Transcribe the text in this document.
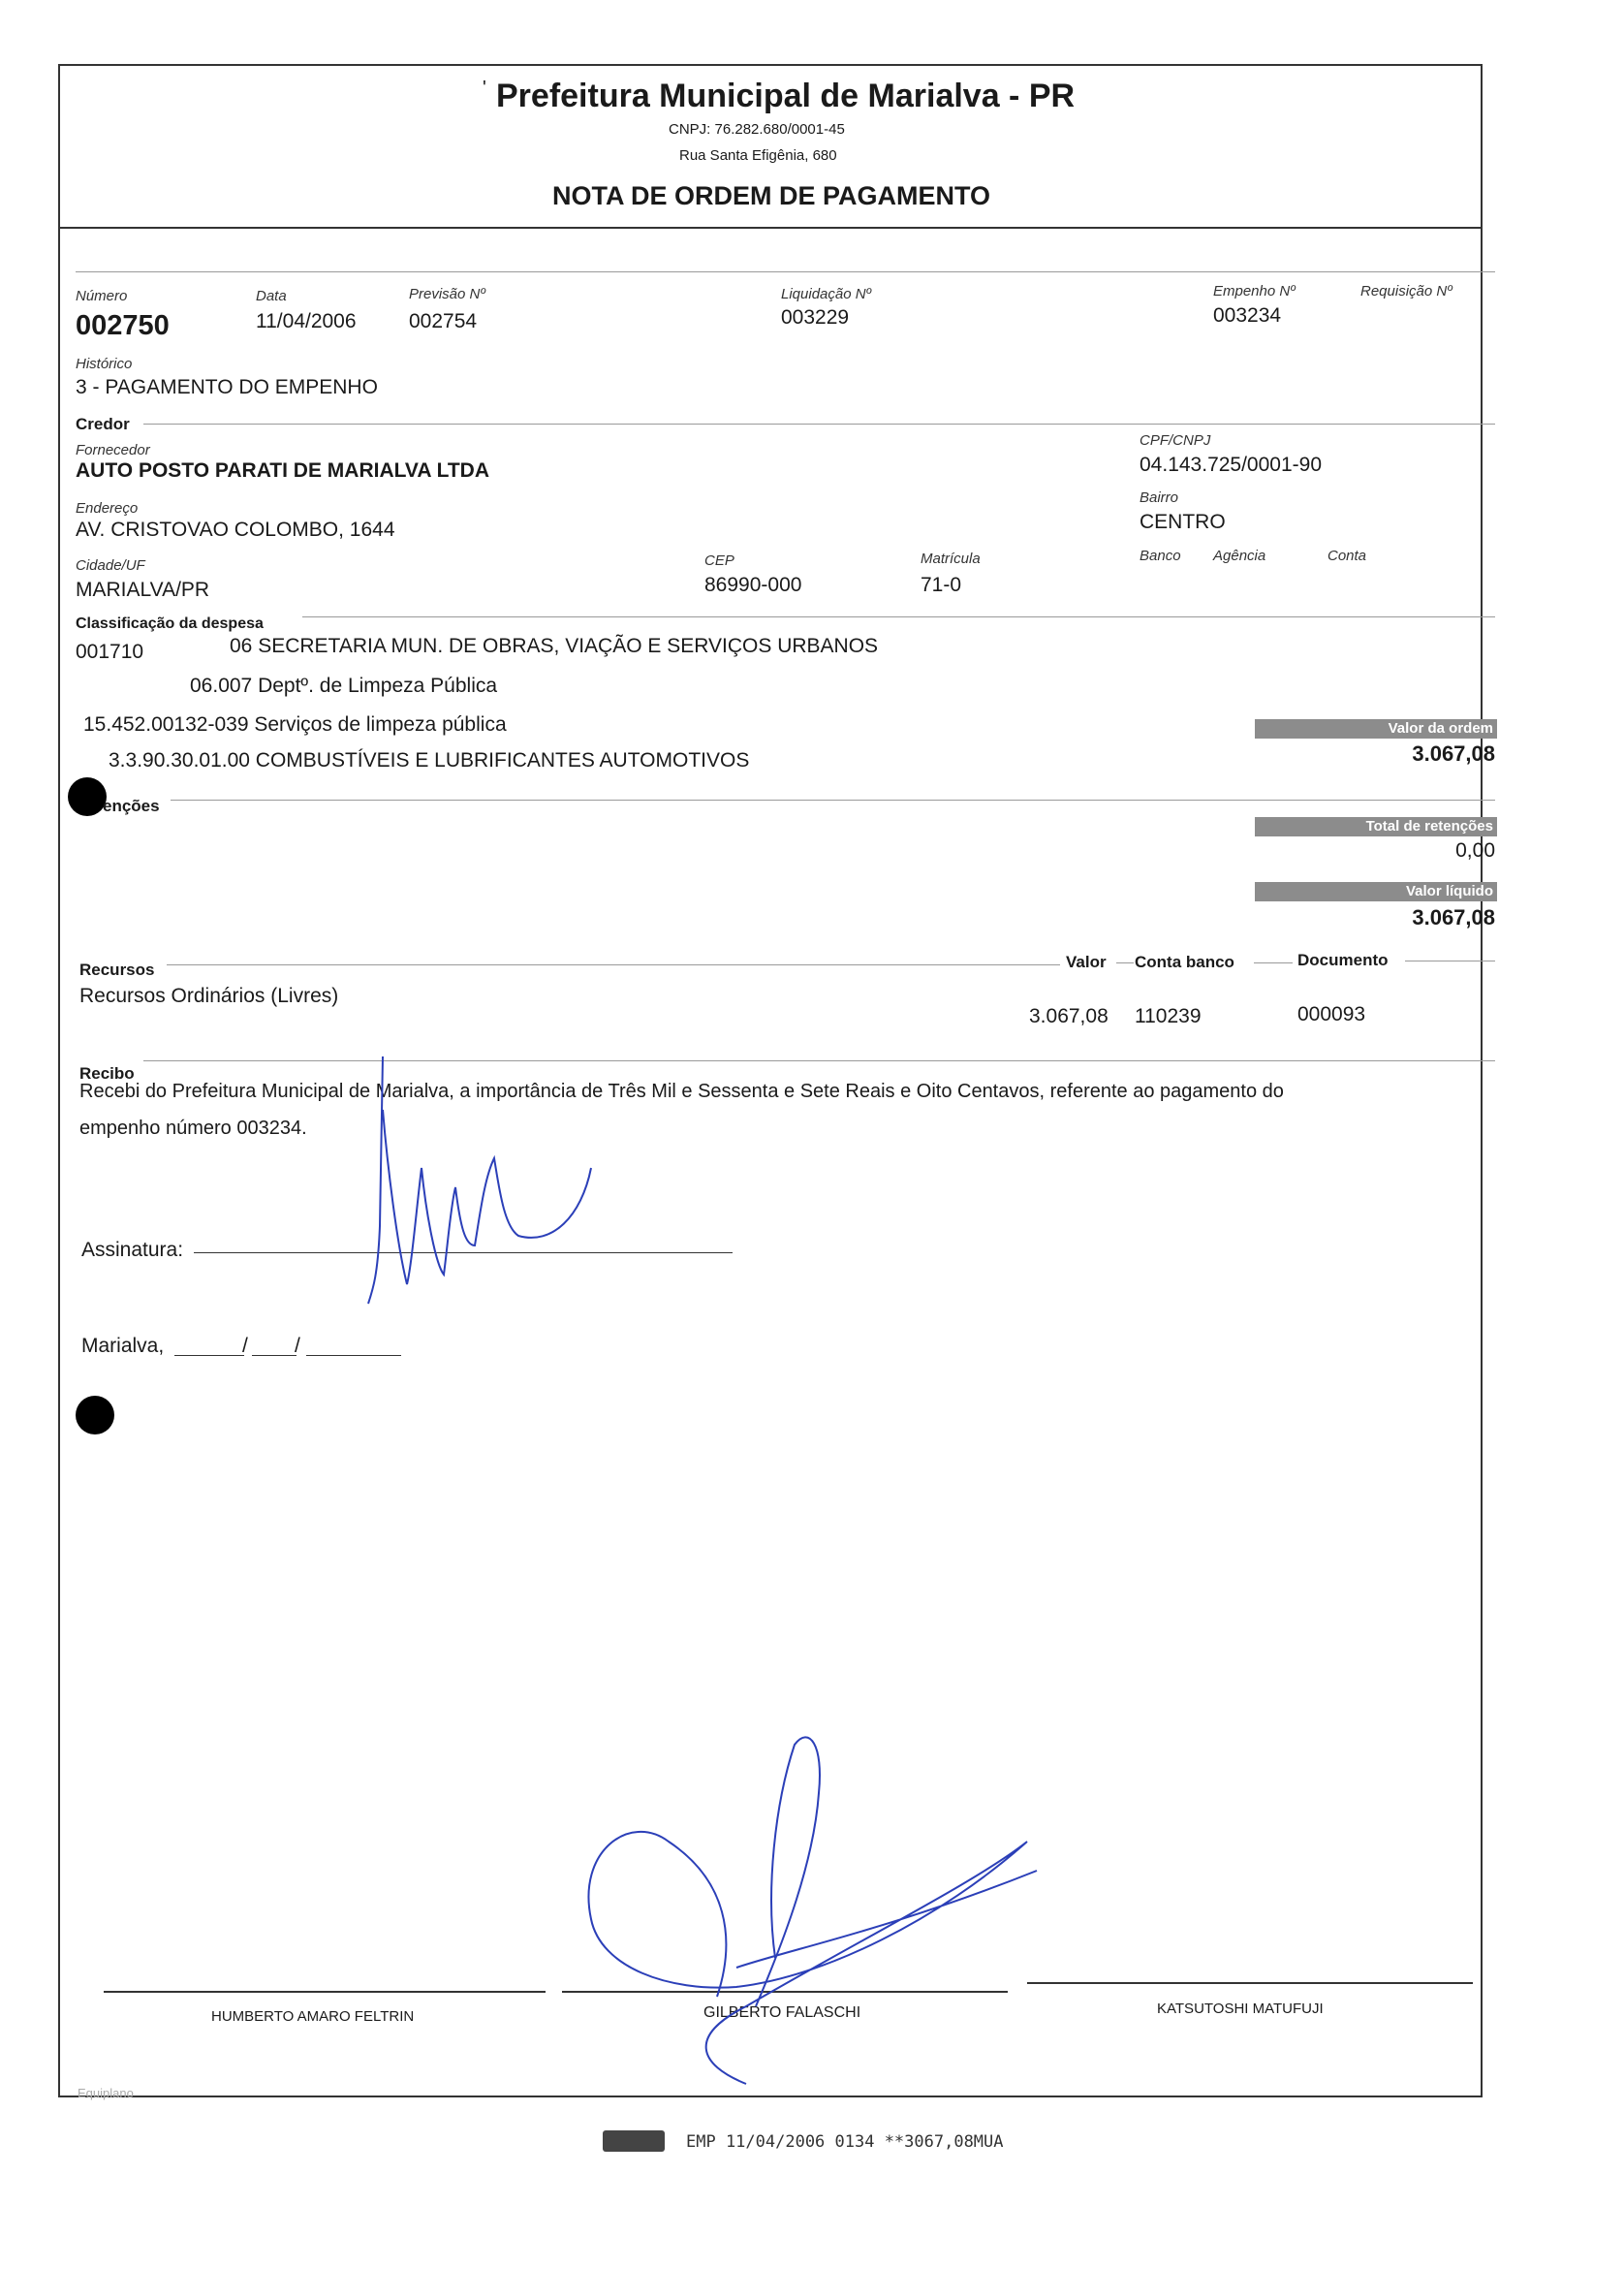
' Prefeitura Municipal de Marialva - PR
CNPJ: 76.282.680/0001-45
Rua Santa Efigênia, 680
NOTA DE ORDEM DE PAGAMENTO
Número
002750
Data
11/04/2006
Previsão Nº
002754
Liquidação Nº
003229
Empenho Nº
003234
Requisição Nº
Histórico
3 - PAGAMENTO DO EMPENHO
Credor
Fornecedor
AUTO POSTO PARATI DE MARIALVA LTDA
CPF/CNPJ
04.143.725/0001-90
Endereço
AV. CRISTOVAO COLOMBO, 1644
Bairro
CENTRO
Cidade/UF
MARIALVA/PR
CEP
86990-000
Matrícula
71-0
Banco Agência	Conta
Classificação da despesa
001710	06 SECRETARIA MUN. DE OBRAS, VIAÇÃO E SERVIÇOS URBANOS
06.007 Deptº. de Limpeza Pública
15.452.00132-039 Serviços de limpeza pública
3.3.90.30.01.00 COMBUSTÍVEIS E LUBRIFICANTES AUTOMOTIVOS
Valor da ordem
3.067,08
enções
Total de retenções
0,00
Valor líquido
3.067,08
Recursos	Valor Conta banco	Documento
Recursos Ordinários (Livres)
3.067,08 110239	000093
Recibo
Recebi do Prefeitura Municipal de Marialva, a importância de Três Mil e Sessenta e Sete Reais e Oito Centavos, referente ao pagamento do
empenho número 003234.
Assinatura:
Marialva,	/ /
HUMBERTO AMARO FELTRIN	GILBERTO FALASCHI	KATSUTOSHI MATUFUJI
Equiplano
EMP 11/04/2006 0134 **3067,08MUA
